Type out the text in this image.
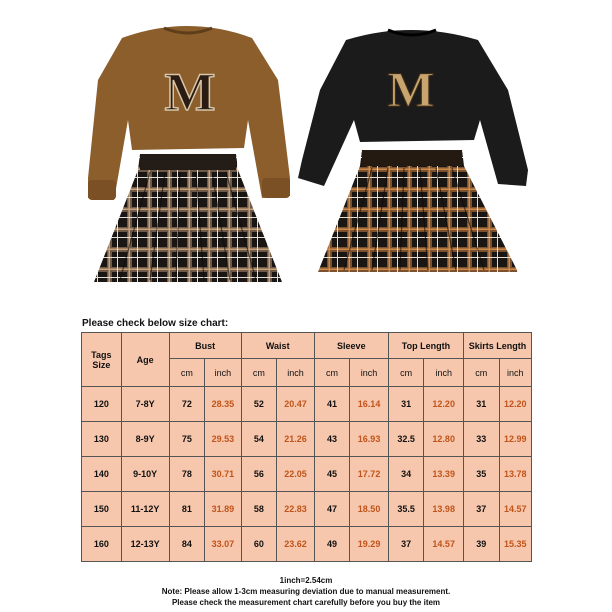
M	M
Please check below size chart:
Tags Size	Age	Bust		Waist		Sleeve		Top Length		Skirts Length	
		cm	inch	cm	inch	cm	inch	cm	inch	cm	inch
120	7-8Y	72	28.35	52	20.47	41	16.14	31	12.20	31	12.20
130	8-9Y	75	29.53	54	21.26	43	16.93	32.5	12.80	33	12.99
140	9-10Y	78	30.71	56	22.05	45	17.72	34	13.39	35	13.78
150	11-12Y	81	31.89	58	22.83	47	18.50	35.5	13.98	37	14.57
160	12-13Y	84	33.07	60	23.62	49	19.29	37	14.57	39	15.35
1inch=2.54cm
Note: Please allow 1-3cm measuring deviation due to manual measurement.
Please check the measurement chart carefully before you buy the item
